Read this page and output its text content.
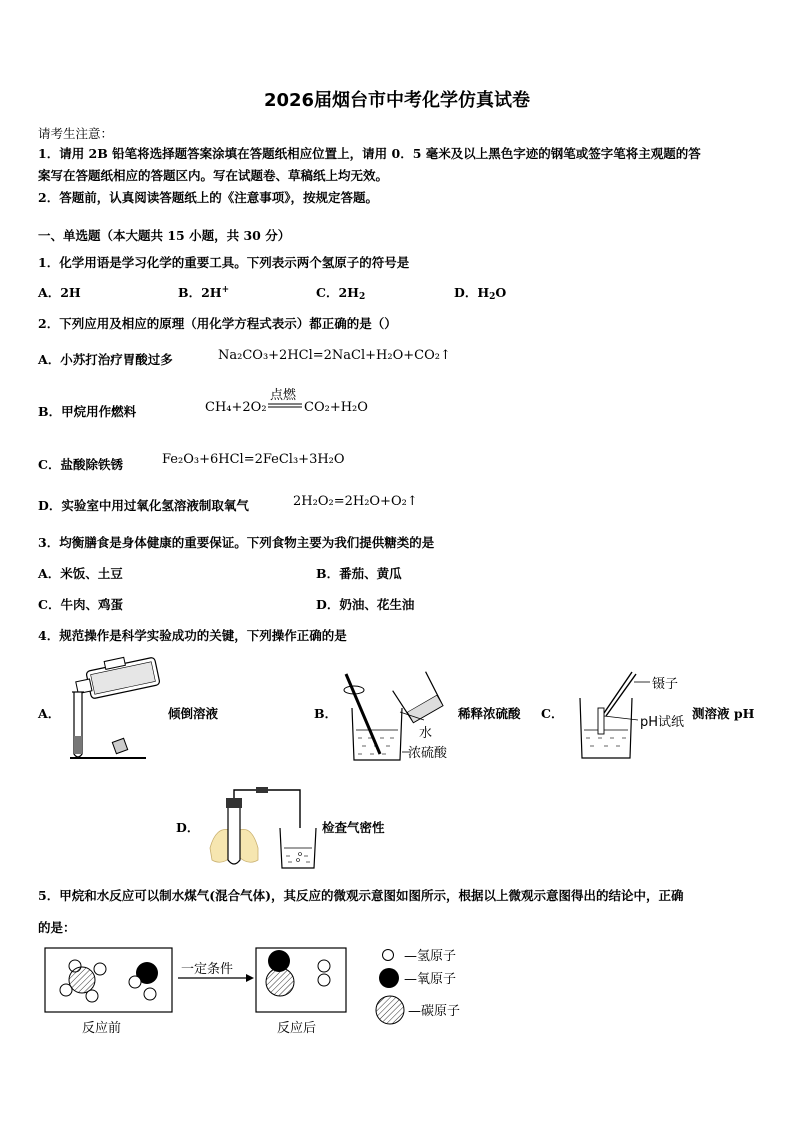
2026届烟台市中考化学仿真试卷
请考生注意：
1．请用 2B 铅笔将选择题答案涂填在答题纸相应位置上，请用 0．5 毫米及以上黑色字迹的钢笔或签字笔将主观题的答
案写在答题纸相应的答题区内。写在试题卷、草稿纸上均无效。
2．答题前，认真阅读答题纸上的《注意事项》，按规定答题。
一、单选题（本大题共 15 小题，共 30 分）
1．化学用语是学习化学的重要工具。下列表示两个氢原子的符号是
A．2H	B．2H+	C．$2H_2$	D．$H_2O$
2．下列应用及相应的原理（用化学方程式表示）都正确的是（）
A．小苏打治疗胃酸过多	Na₂CO₃+2HCl=2NaCl+H₂O+CO₂↑
B．甲烷用作燃料	CH₄+2O₂
点燃
CO₂+H₂O
C．盐酸除铁锈	Fe₂O₃+6HCl=2FeCl₃+3H₂O
D．实验室中用过氧化氢溶液制取氧气	2H₂O₂=2H₂O+O₂↑
3．均衡膳食是身体健康的重要保证。下列食物主要为我们提供糖类的是
A．米饭、土豆	B．番茄、黄瓜
C．牛肉、鸡蛋	D．奶油、花生油
4．规范操作是科学实验成功的关键，下列操作正确的是
A．	倾倒溶液	B．
水
浓硫酸
稀释浓硫酸 C．
镊子
pH试纸
测溶液 pH
D．	检查气密性
5．甲烷和水反应可以制水煤气(混合气体)，其反应的微观示意图如图所示，根据以上微观示意图得出的结论中，正确
的是：
一定条件
反应前	反应后
—氢原子
—氧原子
—碳原子
